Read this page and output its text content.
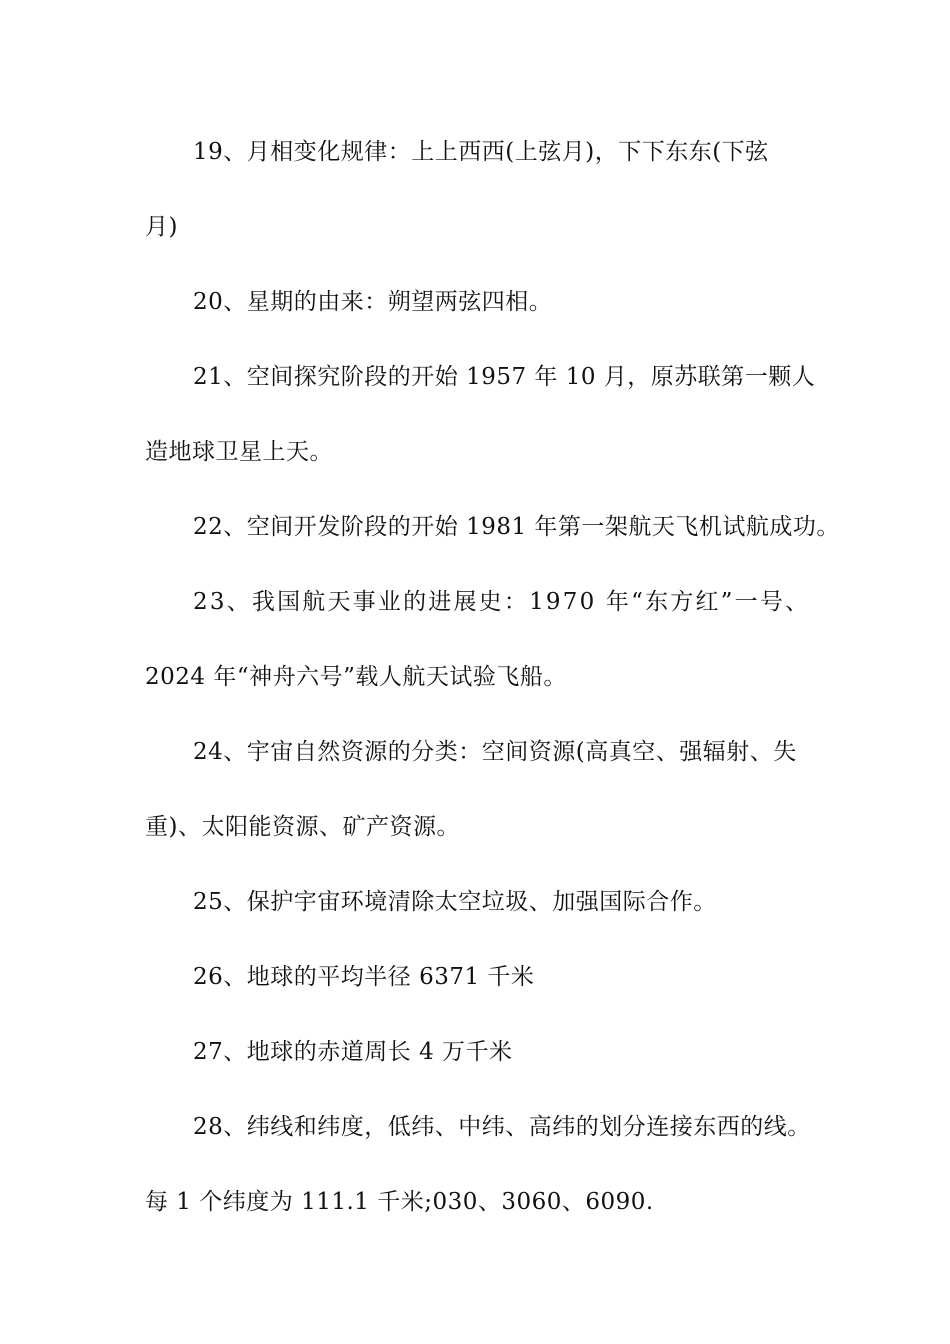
19、月相变化规律：上上西西(上弦月)，下下东东(下弦
月)
20、星期的由来：朔望两弦四相。
21、空间探究阶段的开始 1957 年 10 月，原苏联第一颗人
造地球卫星上天。
22、空间开发阶段的开始 1981 年第一架航天飞机试航成功。
23、我国航天事业的进展史：1970 年“东方红”一号、
2024 年“神舟六号”载人航天试验飞船。
24、宇宙自然资源的分类：空间资源(高真空、强辐射、失
重)、太阳能资源、矿产资源。
25、保护宇宙环境清除太空垃圾、加强国际合作。
26、地球的平均半径 6371 千米
27、地球的赤道周长 4 万千米
28、纬线和纬度，低纬、中纬、高纬的划分连接东西的线。
每 1 个纬度为 111.1 千米;030、3060、6090.
